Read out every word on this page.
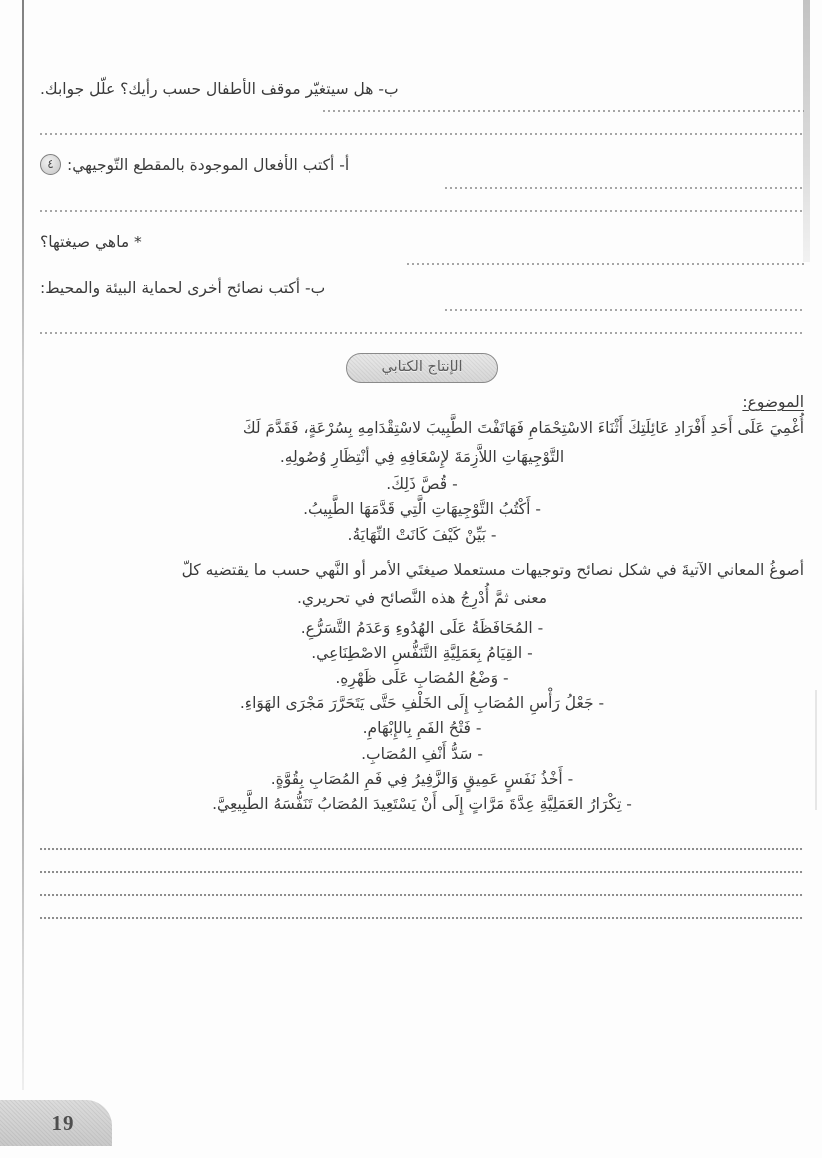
ب- هل سيتغيّر موقف الأطفال حسب رأيك؟ علّل جوابك.
أ- أكتب الأفعال الموجودة بالمقطع التّوجيهي:
٤
* ماهي صيغتها؟
ب- أكتب نصائح أخرى لحماية البيئة والمحيط:
الإنتاج الكتابي
الموضوع:
أُغْمِيَ عَلَى أَحَدِ أَفْرَادِ عَائِلَتِكَ أَثْنَاءَ الاسْتِحْمَامِ فَهَاتَفْتَ الطَّبِيبَ لاسْتِقْدَامِهِ بِسُرْعَةٍ، فَقَدَّمَ لَكَ
التَّوْجِيهَاتِ اللاَّزِمَةَ لإِسْعَافِهِ فِي أنْتِظَارِ وُصُولِهِ.
- قُصَّ ذَلِكَ.
- أَكْتُبُ التَّوْجِيهَاتِ الَّتِي قَدَّمَهَا الطَّبِيبُ.
- بَيِّنْ كَيْفَ كَانَتْ النِّهَايَةُ.
أصوغُ المعاني الآتيةَ في شكل نصائح وتوجيهات مستعملا صيغتَي الأمر أو النَّهي حسب ما يقتضيه كلّ
معنى ثمَّ أُدْرِجُ هذه النَّصائح في تحريري.
- المُحَافَظَةُ عَلَى الهُدُوءِ وَعَدَمُ التَّسَرُّعِ.
- القِيَامُ بِعَمَلِيَّةِ التَّنَفُّسِ الاصْطِنَاعِي.
- وَضْعُ المُصَابِ عَلَى ظَهْرِهِ.
- جَعْلُ رَأْسِ المُصَابِ إِلَى الخَلْفِ حَتَّى يَتَحَرَّرَ مَجْرَى الهَوَاءِ.
- فَتْحُ الفَمِ بِالإِبْهَامِ.
- سَدُّ أَنْفِ المُصَابِ.
- أَخْذُ نَفَسٍ عَمِيقٍ وَالزَّفِيرُ فِي فَمِ المُصَابِ بِقُوَّةٍ.
- تِكْرَارُ العَمَلِيَّةِ عِدَّةَ مَرَّاتٍ إِلَى أَنْ يَسْتَعِيدَ المُصَابُ تَنَفُّسَهُ الطَّبِيعِيَّ.
19
